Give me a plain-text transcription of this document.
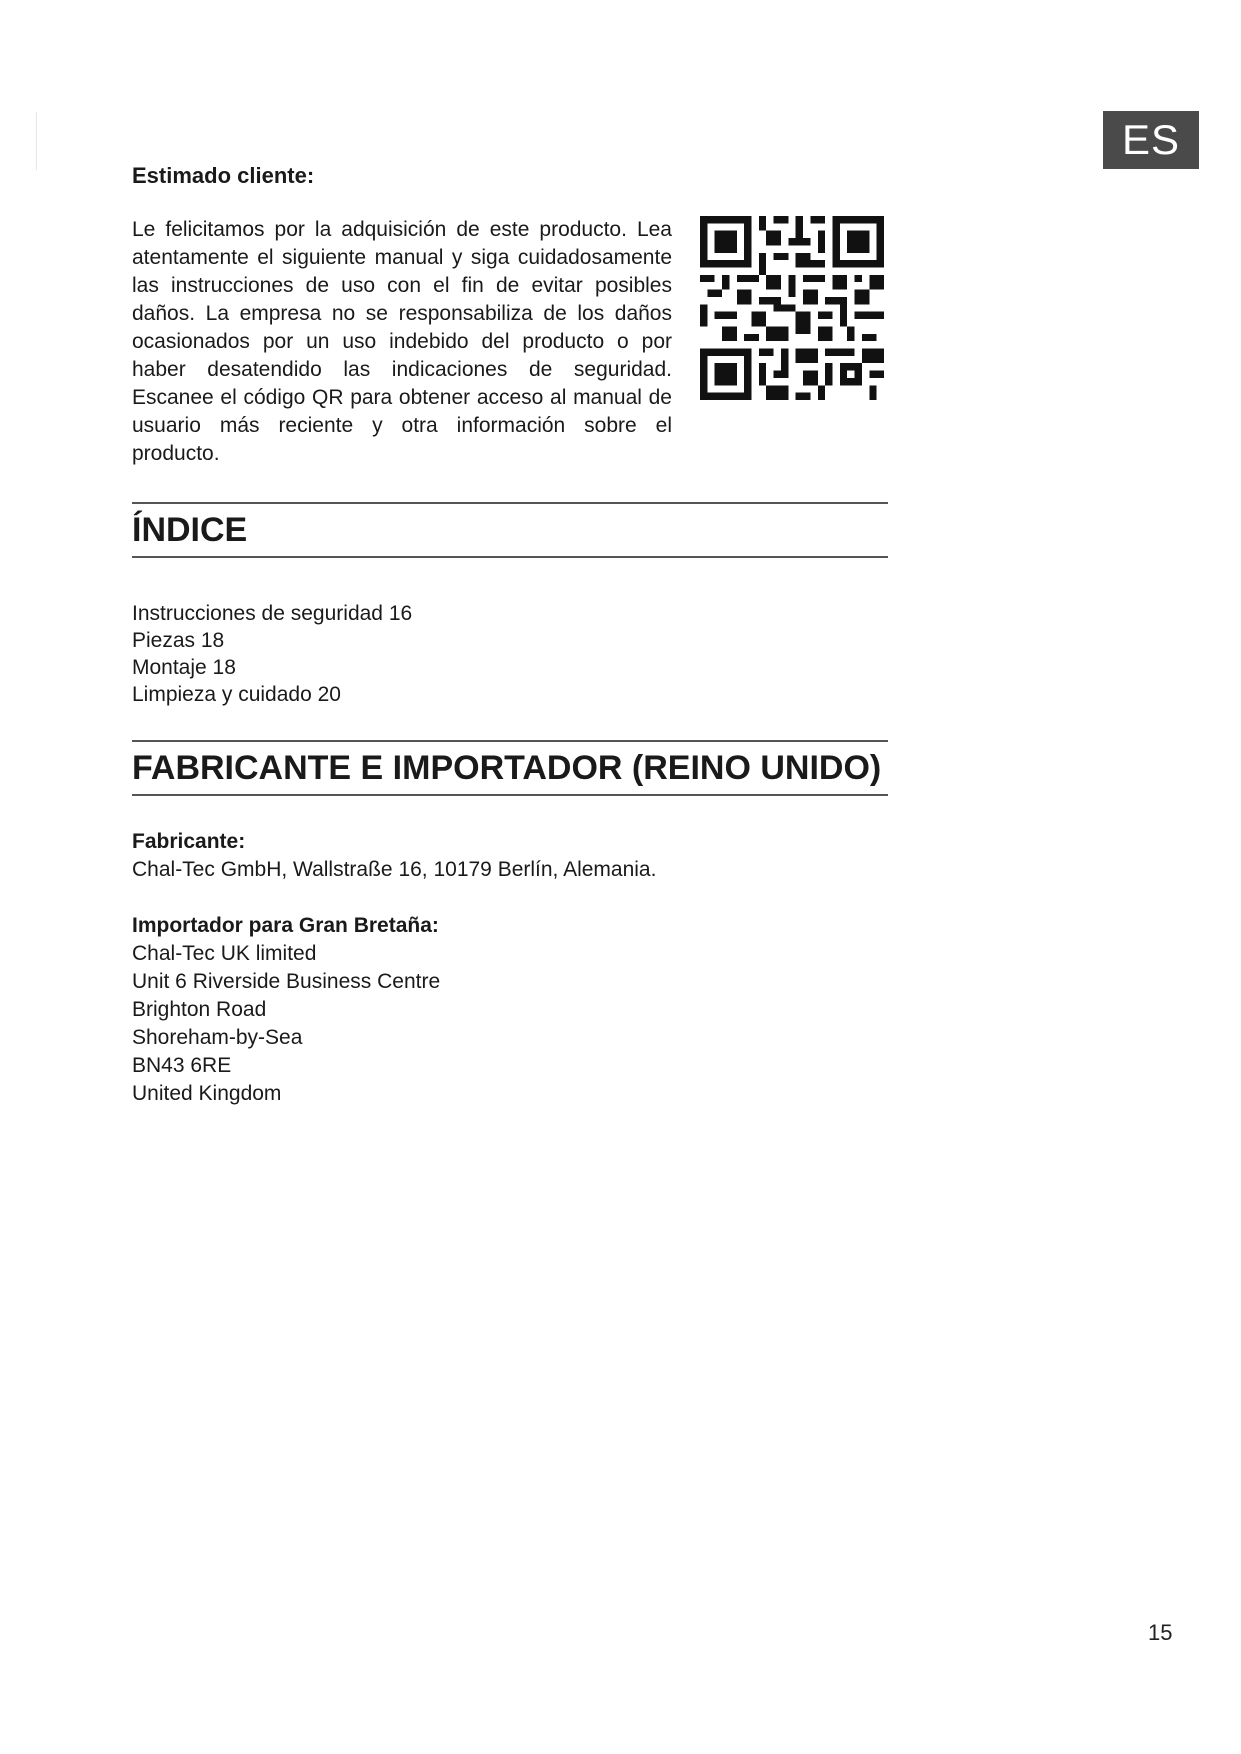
ES

Estimado cliente:

Le felicitamos por la adquisición de este producto. Lea atentamente el siguiente manual y siga cuidadosamente las instrucciones de uso con el fin de evitar posibles daños. La empresa no se responsabiliza de los daños ocasionados por un uso indebido del producto o por haber desatendido las indicaciones de seguridad. Escanee el código QR para obtener acceso al manual de usuario más reciente y otra información sobre el producto.

ÍNDICE
Instrucciones de seguridad 16
Piezas 18
Montaje 18
Limpieza y cuidado 20
FABRICANTE E IMPORTADOR (REINO UNIDO)

Fabricante:

Chal-Tec GmbH, Wallstraße 16, 10179 Berlín, Alemania.

Importador para Gran Bretaña:

Chal-Tec UK limited

Unit 6 Riverside Business Centre

Brighton Road

Shoreham-by-Sea

BN43 6RE

United Kingdom

15
